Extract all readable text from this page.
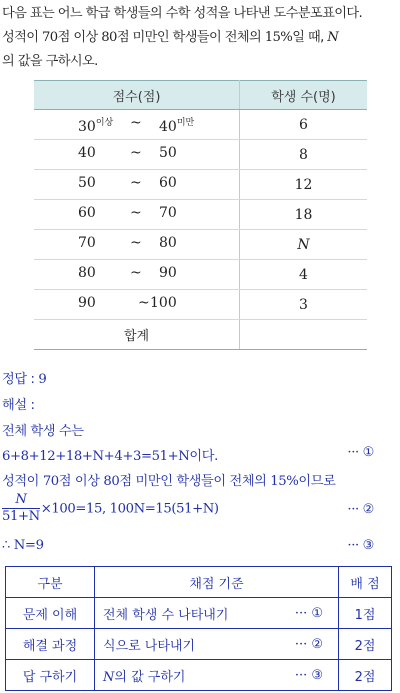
다음 표는 어느 학급 학생들의 수학 성적을 나타낸 도수분포표이다.
성적이 70점 이상 80점 미만인 학생들이 전체의 15%일 때, N
의 값을 구하시오.
점수(점)	학생 수(명)

$30^{이상}$ ~ $40^{미만}$	6

40 ~ 50	8

50 ~ 60	12

60 ~ 70	18

70 ~ 80	N

80 ~ 90	4

90 ~ 100	3
합계	
정답 : 9
해설 :
전체 학생 수는
6+8+12+18+N+4+3=51+N이다.	··· ①
성적이 70점 이상 80점 미만인 학생들이 전체의 15%이므로
$\frac{N}{51+N} \times 100=15$, 100N=15(51+N)	··· ②
∴ N=9	··· ③
구분	채점 기준		배 점
문제 이해	전체 학생 수 나타내기	··· ①	1점
해결 과정	식으로 나타내기	··· ②	2점
답 구하기	N의 값 구하기	··· ③	2점
